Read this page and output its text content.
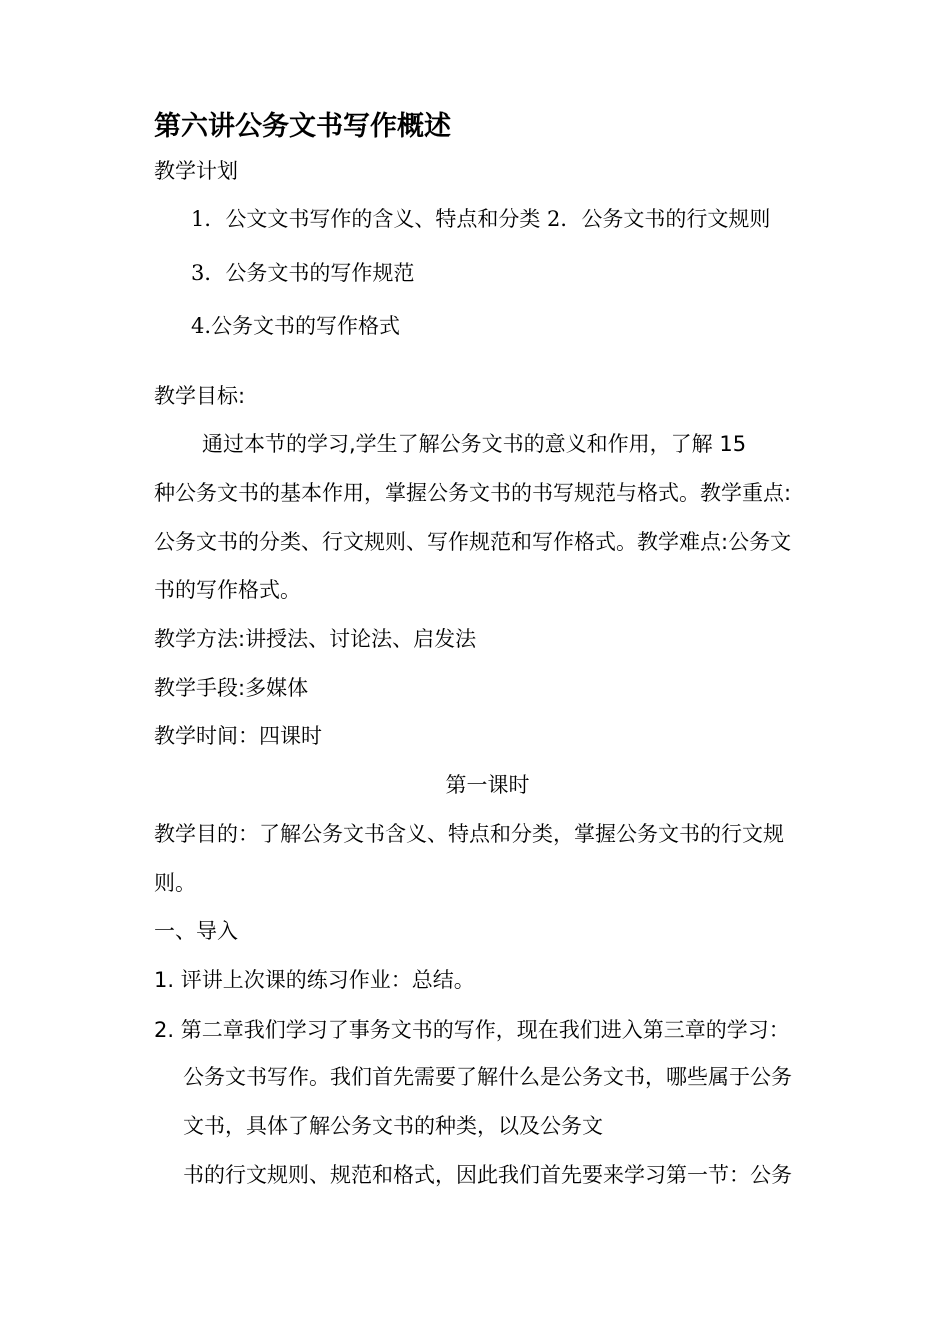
第六讲公务文书写作概述
教学计划
1．公文文书写作的含义、特点和分类 2．公务文书的行文规则
3．公务文书的写作规范
4.公务文书的写作格式
教学目标:
通过本节的学习,学生了解公务文书的意义和作用，了解 15
种公务文书的基本作用，掌握公务文书的书写规范与格式。教学重点:
公务文书的分类、行文规则、写作规范和写作格式。教学难点:公务文
书的写作格式。
教学方法:讲授法、讨论法、启发法
教学手段:多媒体
教学时间：四课时
第一课时
教学目的：了解公务文书含义、特点和分类，掌握公务文书的行文规
则。
一、导入
1. 评讲上次课的练习作业：总结。
2. 第二章我们学习了事务文书的写作，现在我们进入第三章的学习：
公务文书写作。我们首先需要了解什么是公务文书，哪些属于公务
文书，具体了解公务文书的种类，以及公务文
书的行文规则、规范和格式，因此我们首先要来学习第一节：公务
